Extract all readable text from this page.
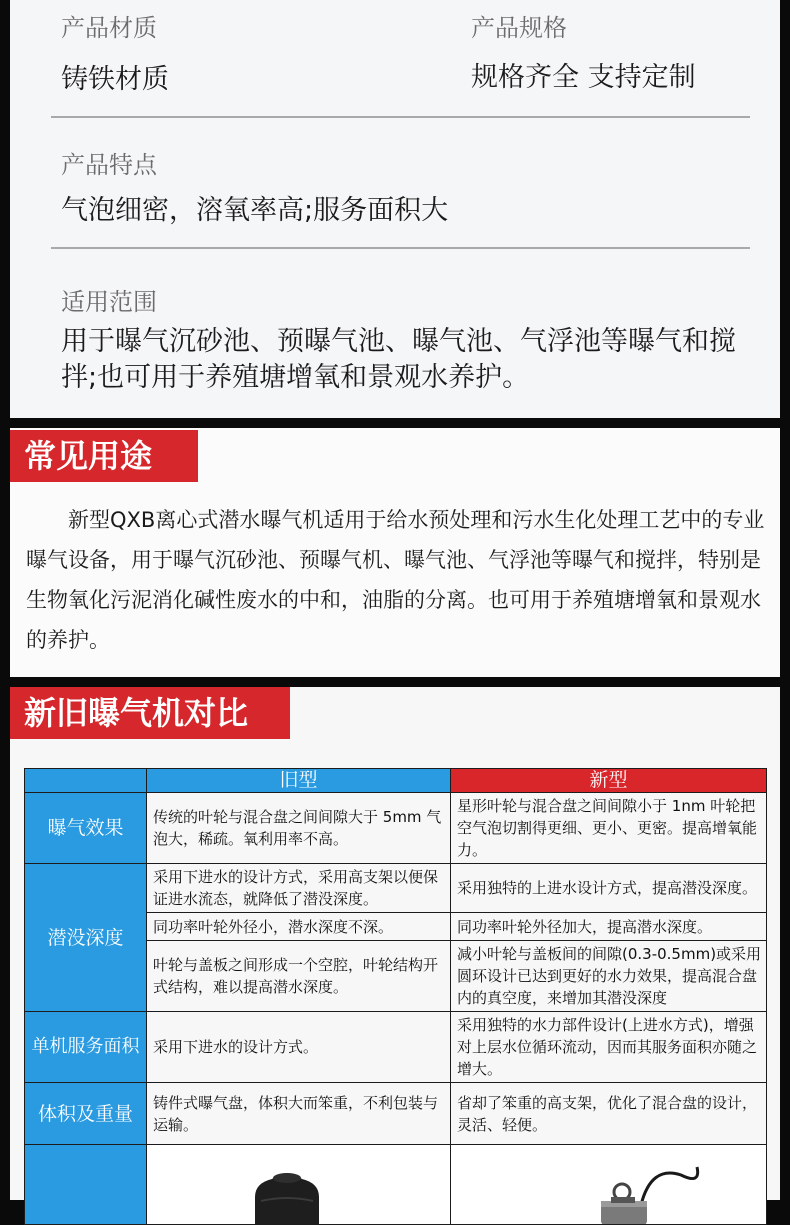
产品材质
铸铁材质
产品规格
规格齐全 支持定制
产品特点
气泡细密，溶氧率高;服务面积大
适用范围
用于曝气沉砂池、预曝气池、曝气池、气浮池等曝气和搅拌;也可用于养殖塘增氧和景观水养护。
常见用途
新型QXB离心式潜水曝气机适用于给水预处理和污水生化处理工艺中的专业曝气设备，用于曝气沉砂池、预曝气机、曝气池、气浮池等曝气和搅拌，特别是生物氧化污泥消化碱性废水的中和，油脂的分离。也可用于养殖塘增氧和景观水的养护。
新旧曝气机对比
	旧型	新型
曝气效果	传统的叶轮与混合盘之间间隙大于 5mm 气泡大，稀疏。氧利用率不高。	星形叶轮与混合盘之间间隙小于 1nm 叶轮把空气泡切割得更细、更小、更密。提高增氧能力。
潜没深度	采用下进水的设计方式，采用高支架以便保证进水流态，就降低了潜没深度。	采用独特的上进水设计方式，提高潜没深度。
	同功率叶轮外径小，潜水深度不深。	同功率叶轮外径加大，提高潜水深度。
	叶轮与盖板之间形成一个空腔，叶轮结构开式结构，难以提高潜水深度。	减小叶轮与盖板间的间隙(0.3-0.5mm)或采用圆环设计已达到更好的水力效果，提高混合盘内的真空度，来增加其潜没深度
单机服务面积	采用下进水的设计方式。	采用独特的水力部件设计(上进水方式)，增强对上层水位循环流动，因而其服务面积亦随之增大。
体积及重量	铸件式曝气盘，体积大而笨重，不利包装与运输。	省却了笨重的高支架，优化了混合盘的设计，灵活、轻便。
